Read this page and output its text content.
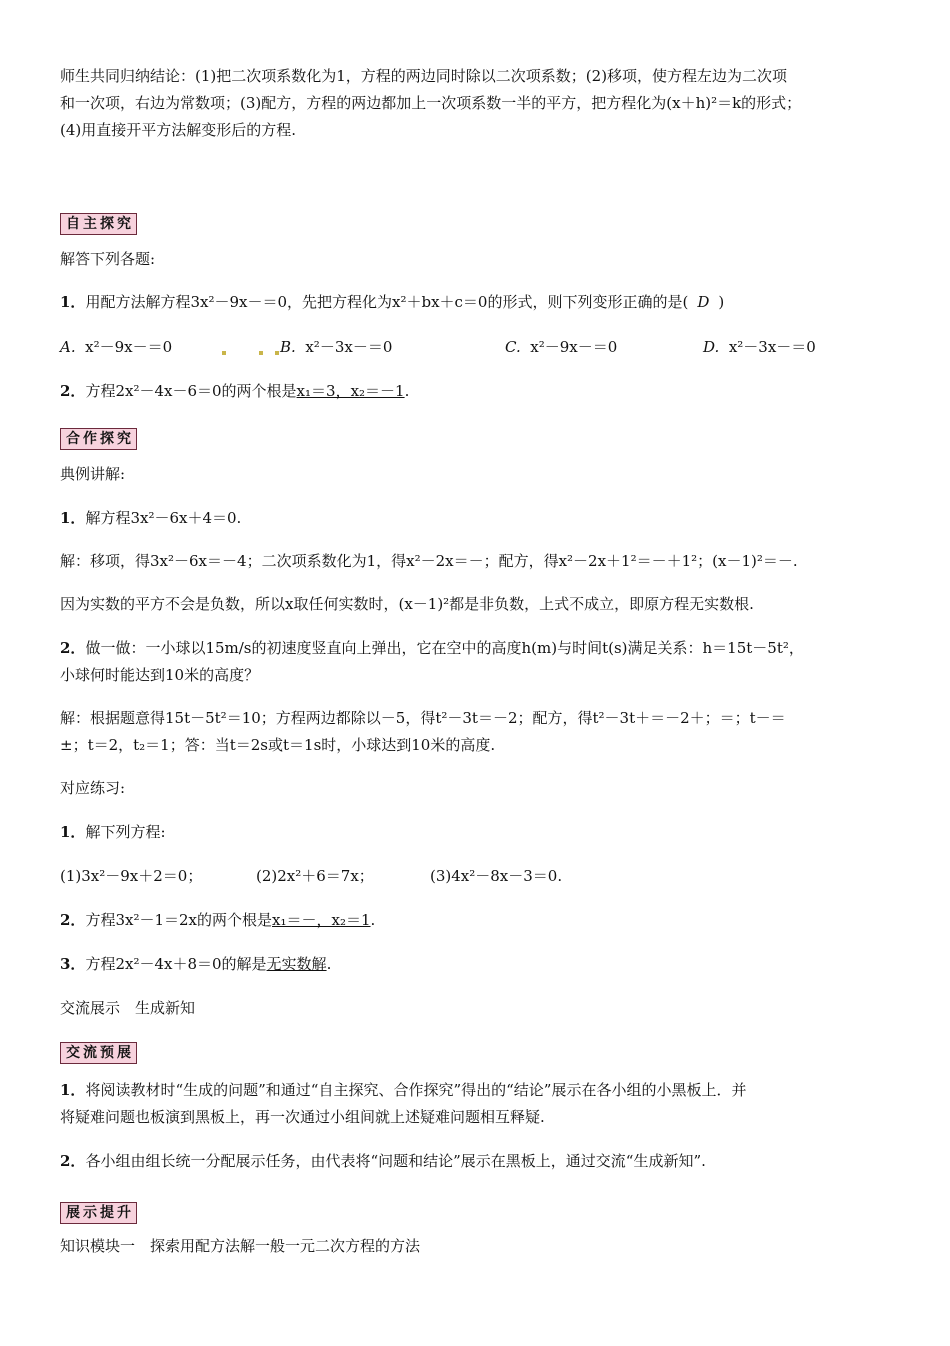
师生共同归纳结论：(1)把二次项系数化为1，方程的两边同时除以二次项系数；(2)移项，使方程左边为二次项
和一次项，右边为常数项；(3)配方，方程的两边都加上一次项系数一半的平方，把方程化为(x＋h)²＝k的形式；
(4)用直接开平方法解变形后的方程.
自主探究
解答下列各题:
1．用配方法解方程3x²－9x－＝0，先把方程化为x²＋bx＋c＝0的形式，则下列变形正确的是( D )
A. x²－9x－＝0	B. x²－3x－＝0	C. x²－9x－＝0	D. x²－3x－＝0
2．方程2x²－4x－6＝0的两个根是x₁＝3，x₂＝－1.
合作探究
典例讲解:
1．解方程3x²－6x＋4＝0.
解：移项，得3x²－6x＝－4；二次项系数化为1，得x²－2x＝－；配方，得x²－2x＋1²＝－＋1²；(x－1)²＝－.
因为实数的平方不会是负数，所以x取任何实数时，(x－1)²都是非负数，上式不成立，即原方程无实数根.
2．做一做：一小球以15m/s的初速度竖直向上弹出，它在空中的高度h(m)与时间t(s)满足关系：h＝15t－5t²，
小球何时能达到10米的高度？
解：根据题意得15t－5t²＝10；方程两边都除以－5，得t²－3t＝－2；配方，得t²－3t＋＝－2＋；＝；t－＝
±；t＝2，t₂＝1；答：当t＝2s或t＝1s时，小球达到10米的高度.
对应练习:
1．解下列方程:
(1)3x²－9x＋2＝0；	(2)2x²＋6＝7x；	(3)4x²－8x－3＝0.
2．方程3x²－1＝2x的两个根是x₁＝－，x₂＝1.
3．方程2x²－4x＋8＝0的解是无实数解.
交流展示　生成新知
交流预展
1．将阅读教材时“生成的问题”和通过“自主探究、合作探究”得出的“结论”展示在各小组的小黑板上．并
将疑难问题也板演到黑板上，再一次通过小组间就上述疑难问题相互释疑.
2．各小组由组长统一分配展示任务，由代表将“问题和结论”展示在黑板上，通过交流“生成新知”.
展示提升
知识模块一　探索用配方法解一般一元二次方程的方法
